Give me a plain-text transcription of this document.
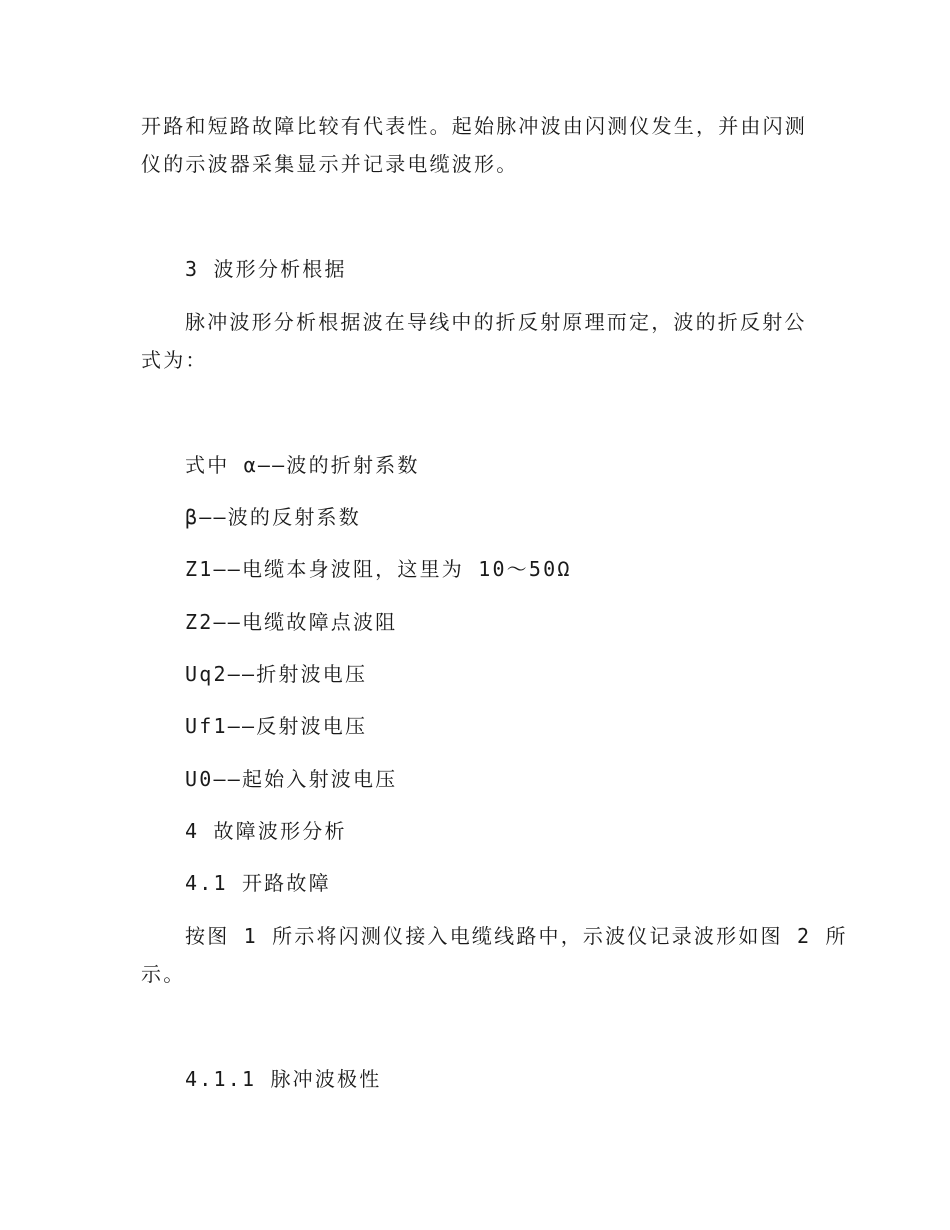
开路和短路故障比较有代表性。起始脉冲波由闪测仪发生，并由闪测
仪的示波器采集显示并记录电缆波形。
3 波形分析根据
脉冲波形分析根据波在导线中的折反射原理而定，波的折反射公
式为：
式中 α——波的折射系数
β——波的反射系数
Z1——电缆本身波阻，这里为 10～50Ω
Z2——电缆故障点波阻
Uq2——折射波电压
Uf1——反射波电压
U0——起始入射波电压
4 故障波形分析
4.1 开路故障
按图 1 所示将闪测仪接入电缆线路中，示波仪记录波形如图 2 所
示。
4.1.1 脉冲波极性
